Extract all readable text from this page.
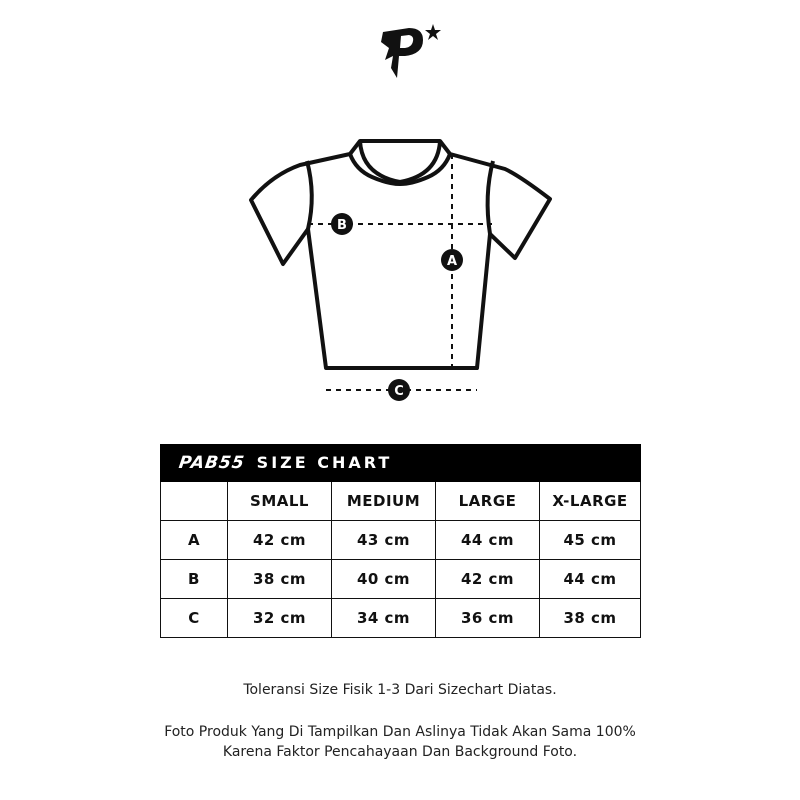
B
A
C
PAB55 SIZE CHART				
	SMALL	MEDIUM	LARGE	X-LARGE
A	42 cm	43 cm	44 cm	45 cm
B	38 cm	40 cm	42 cm	44 cm
C	32 cm	34 cm	36 cm	38 cm
Toleransi Size Fisik 1-3 Dari Sizechart Diatas.
Foto Produk Yang Di Tampilkan Dan Aslinya Tidak Akan Sama 100%
Karena Faktor Pencahayaan Dan Background Foto.
